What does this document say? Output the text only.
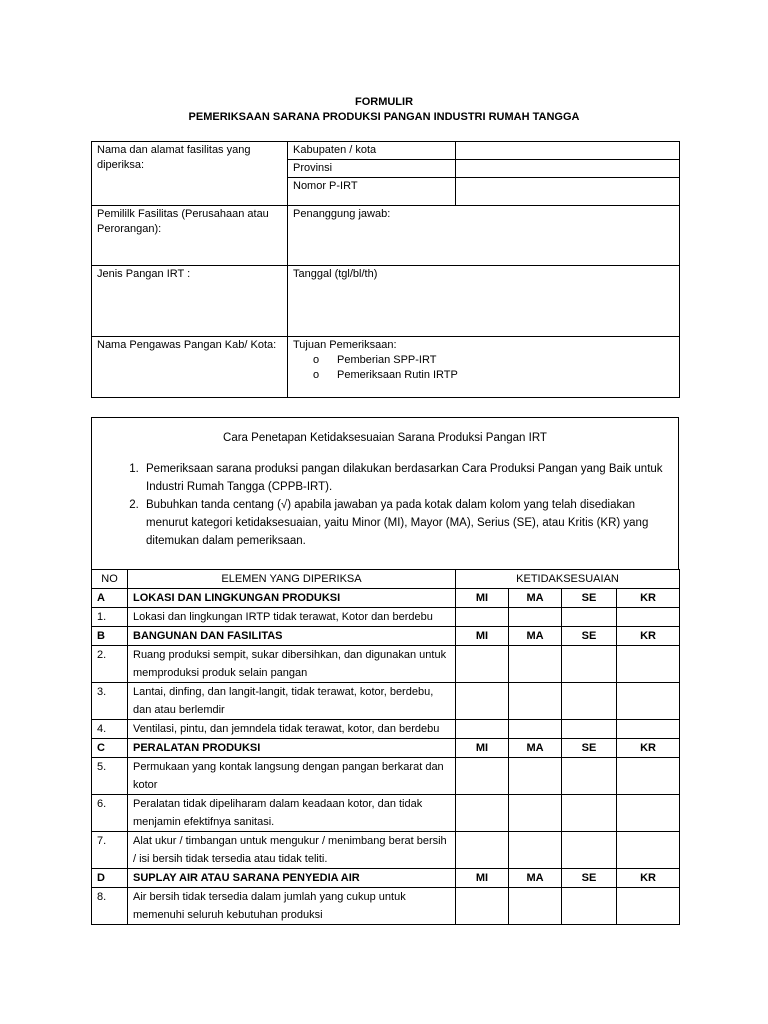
FORMULIR
PEMERIKSAAN SARANA PRODUKSI PANGAN INDUSTRI RUMAH TANGGA
Nama dan alamat fasilitas yang diperiksa:	Kabupaten / kota	
	Provinsi	
	Nomor P-IRT	
Pemililk Fasilitas (Perusahaan atau Perorangan):	Penanggung jawab:	
Jenis Pangan IRT :	Tanggal (tgl/bl/th)	
Nama Pengawas Pangan Kab/ Kota:	Tujuan Pemeriksaan:
o Pemberian SPP-IRT
o Pemeriksaan Rutin IRTP	
Cara Penetapan Ketidaksesuaian Sarana Produksi Pangan IRT
1. Pemeriksaan sarana produksi pangan dilakukan berdasarkan Cara Produksi Pangan yang Baik untuk Industri Rumah Tangga (CPPB-IRT).
2. Bubuhkan tanda centang (√) apabila jawaban ya pada kotak dalam kolom yang telah disediakan menurut kategori ketidaksesuaian, yaitu Minor (MI), Mayor (MA), Serius (SE), atau Kritis (KR) yang ditemukan dalam pemeriksaan.
NO	ELEMEN YANG DIPERIKSA	KETIDAKSESUAIAN			
A	LOKASI DAN LINGKUNGAN PRODUKSI	MI	MA	SE	KR
1.	Lokasi dan lingkungan IRTP tidak terawat, Kotor dan berdebu				
B	BANGUNAN DAN FASILITAS	MI	MA	SE	KR
2.	Ruang produksi sempit, sukar dibersihkan, dan digunakan untuk memproduksi produk selain pangan				
3.	Lantai, dinfing, dan langit-langit, tidak terawat, kotor, berdebu, dan atau berlemdir				
4.	Ventilasi, pintu, dan jemndela tidak terawat, kotor, dan berdebu				
C	PERALATAN PRODUKSI	MI	MA	SE	KR
5.	Permukaan yang kontak langsung dengan pangan berkarat dan kotor				
6.	Peralatan tidak dipeliharam dalam keadaan kotor, dan tidak menjamin efektifnya sanitasi.				
7.	Alat ukur / timbangan untuk mengukur / menimbang berat bersih / isi bersih tidak tersedia atau tidak teliti.				
D	SUPLAY AIR ATAU SARANA PENYEDIA AIR	MI	MA	SE	KR
8.	Air bersih tidak tersedia dalam jumlah yang cukup untuk memenuhi seluruh kebutuhan produksi				
